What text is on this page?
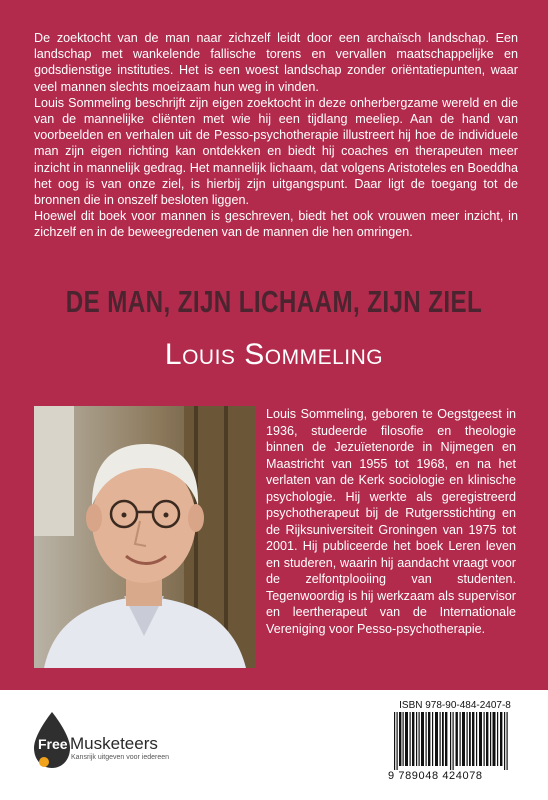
De zoektocht van de man naar zichzelf leidt door een archaïsch landschap. Een landschap met wankelende fallische torens en vervallen maatschappelijke en godsdienstige instituties. Het is een woest landschap zonder oriëntatiepunten, waar veel mannen slechts moeizaam hun weg in vinden.

Louis Sommeling beschrijft zijn eigen zoektocht in deze onherbergzame wereld en die van de mannelijke cliënten met wie hij een tijdlang meeliep. Aan de hand van voorbeelden en verhalen uit de Pesso-psychotherapie illustreert hij hoe de individuele man zijn eigen richting kan ontdekken en biedt hij coaches en therapeuten meer inzicht in mannelijk gedrag. Het mannelijk lichaam, dat volgens Aristoteles en Boeddha het oog is van onze ziel, is hierbij zijn uitgangspunt. Daar ligt de toegang tot de bronnen die in onszelf besloten liggen.

Hoewel dit boek voor mannen is geschreven, biedt het ook vrouwen meer inzicht, in zichzelf en in de beweegredenen van de mannen die hen omringen.

DE MAN, ZIJN LICHAAM, ZIJN ZIEL
Louis Sommeling

Louis Sommeling, geboren te Oegstgeest in 1936, studeerde filosofie en theologie binnen de Jezuïetenorde in Nijmegen en Maastricht van 1955 tot 1968, en na het verlaten van de Kerk sociologie en klinische psychologie. Hij werkte als geregistreerd psychotherapeut bij de Rutgersstichting en de Rijksuniversiteit Groningen van 1975 tot 2001. Hij publiceerde het boek Leren leven en studeren, waarin hij aandacht vraagt voor de zelfontplooiing van studenten. Tegenwoordig is hij werkzaam als supervisor en leertherapeut van de Internationale Vereniging voor Pesso-psychotherapie.

Free Musketeers
Kansrijk uitgeven voor iedereen
ISBN 978-90-484-2407-8
9 789048 424078
